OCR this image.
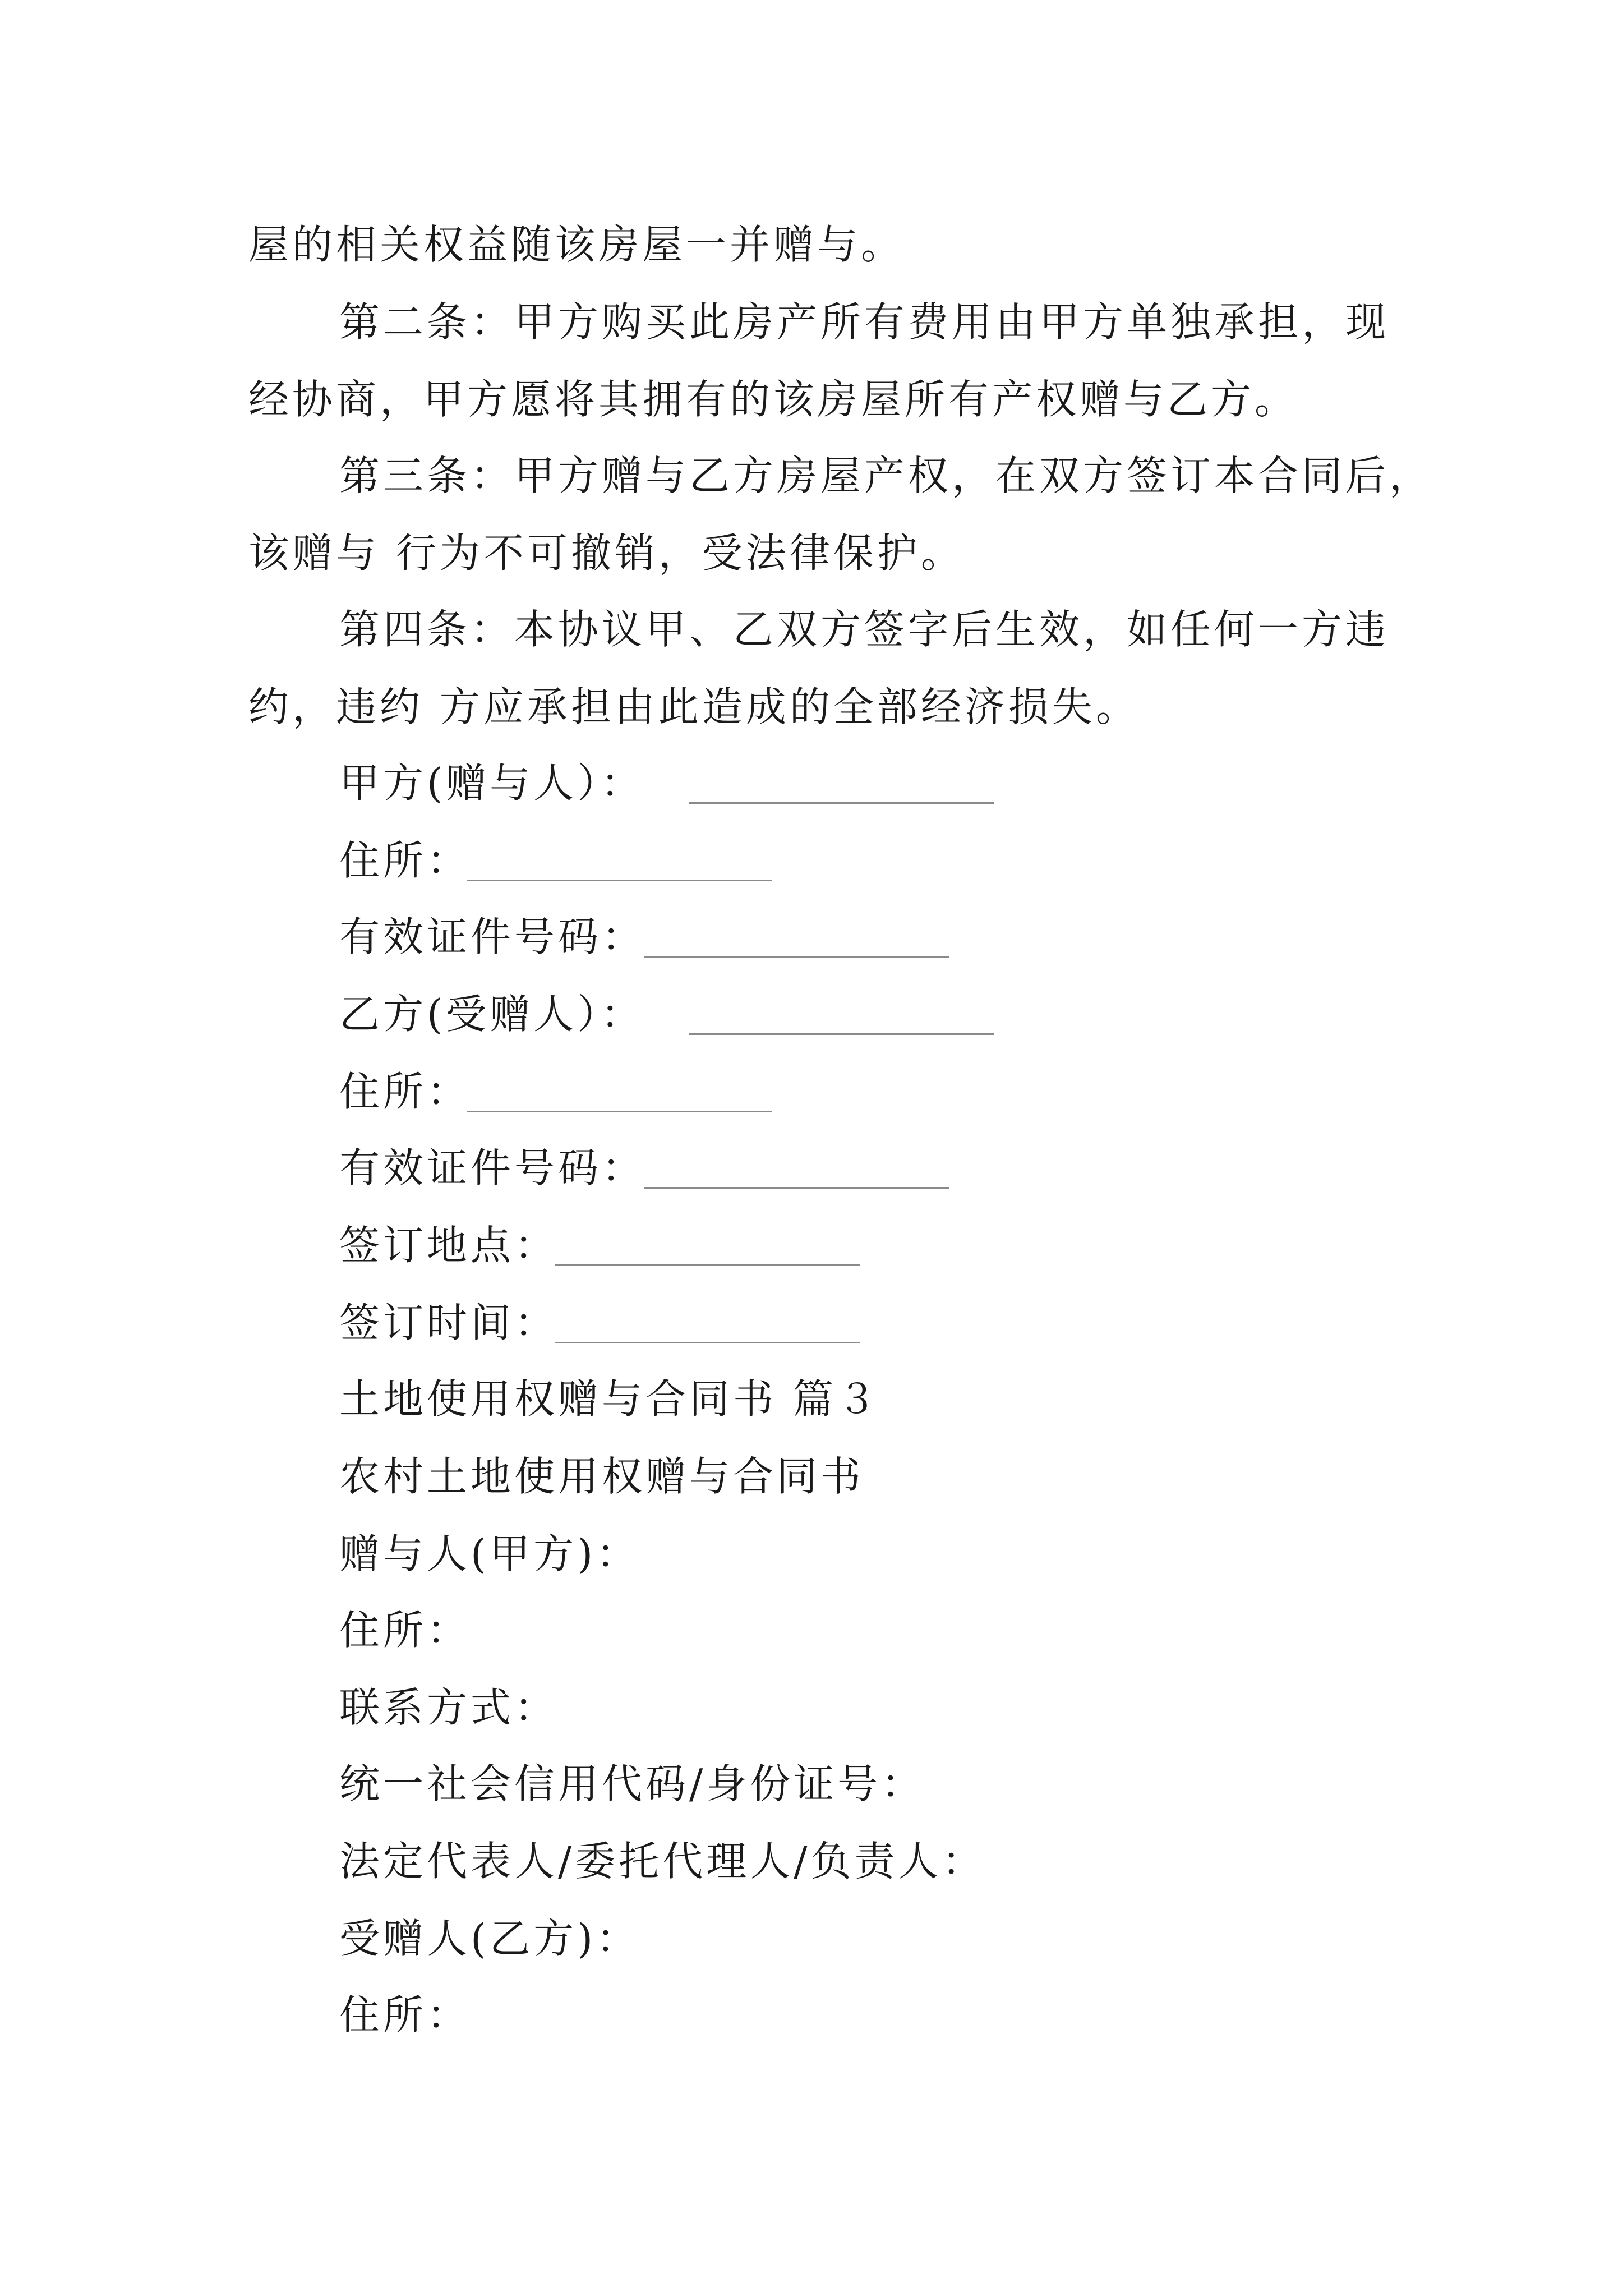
屋的相关权益随该房屋一并赠与。
第二条：甲方购买此房产所有费用由甲方单独承担，现
经协商，甲方愿将其拥有的该房屋所有产权赠与乙方。
第三条：甲方赠与乙方房屋产权，在双方签订本合同后，
该赠与 行为不可撤销，受法律保护。
第四条：本协议甲、乙双方签字后生效，如任何一方违
约，违约 方应承担由此造成的全部经济损失。
甲方(赠与人）：
住所：
有效证件号码：
乙方(受赠人）：
住所：
有效证件号码：
签订地点：
签订时间：
土地使用权赠与合同书 篇３
农村土地使用权赠与合同书
赠与人(甲方)：
住所：
联系方式：
统一社会信用代码/身份证号：
法定代表人/委托代理人/负责人：
受赠人(乙方)：
住所：
